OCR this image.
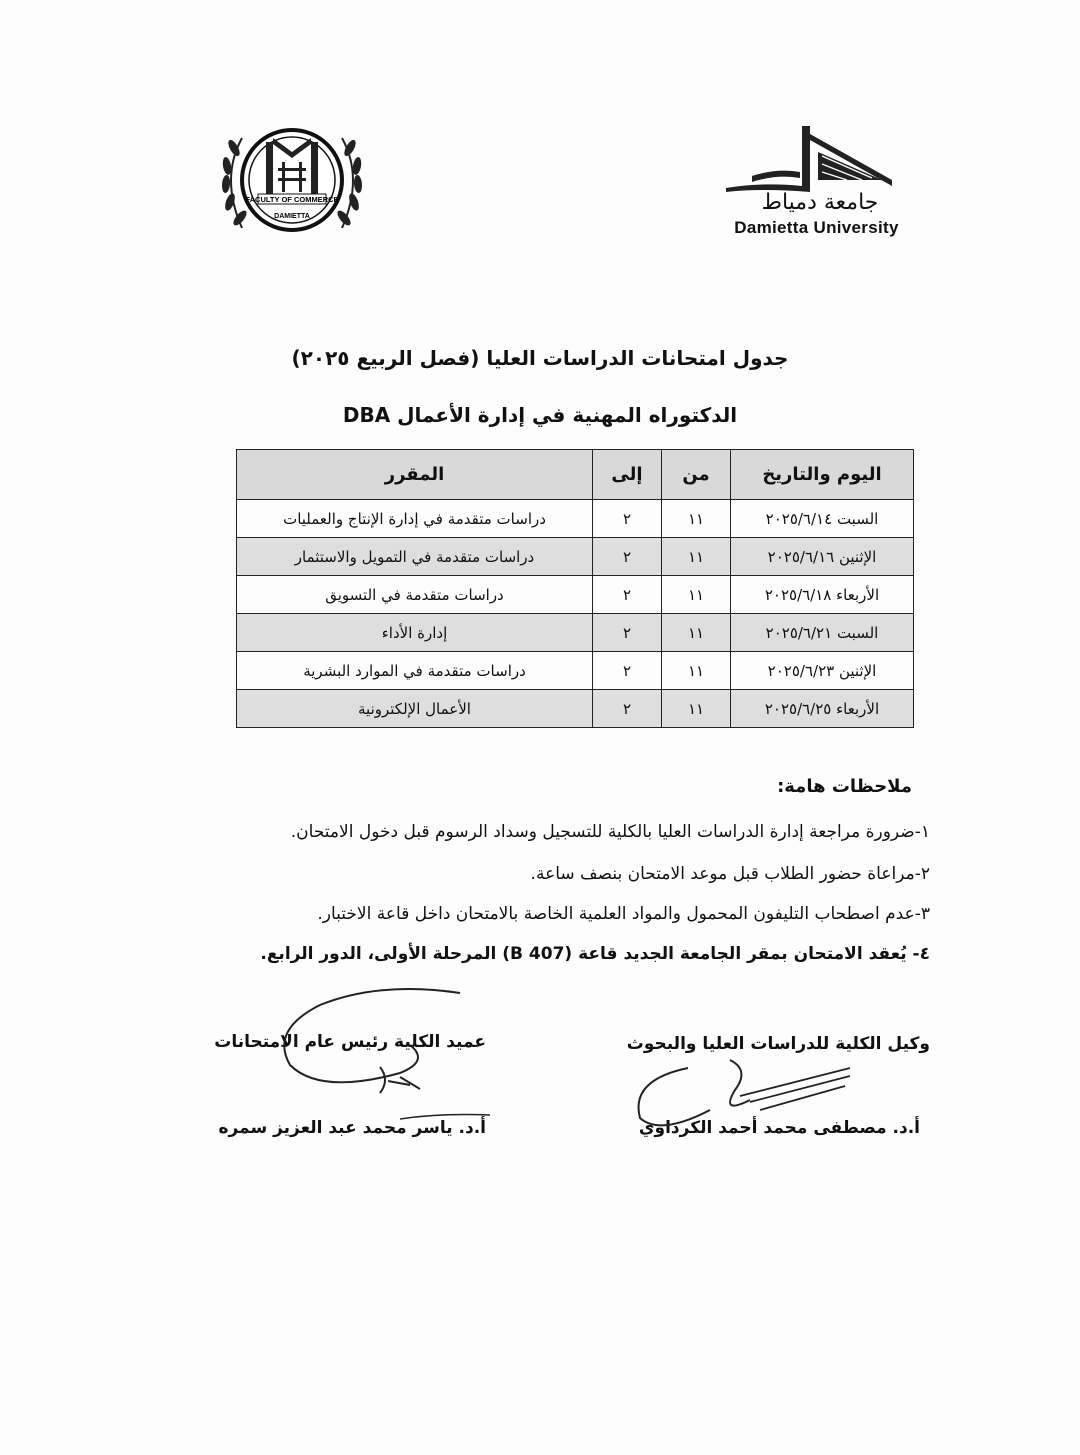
FACULTY OF COMMERCE
DAMIETTA
جامعة دمياط
Damietta University
جدول امتحانات الدراسات العليا (فصل الربيع ٢٠٢٥)
الدكتوراه المهنية في إدارة الأعمال DBA
اليوم والتاريخ	من	إلى	المقرر
السبت ٢٠٢٥/٦/١٤	١١	٢	دراسات متقدمة في إدارة الإنتاج والعمليات
الإثنين ٢٠٢٥/٦/١٦	١١	٢	دراسات متقدمة في التمويل والاستثمار
الأربعاء ٢٠٢٥/٦/١٨	١١	٢	دراسات متقدمة في التسويق
السبت ٢٠٢٥/٦/٢١	١١	٢	إدارة الأداء
الإثنين ٢٠٢٥/٦/٢٣	١١	٢	دراسات متقدمة في الموارد البشرية
الأربعاء ٢٠٢٥/٦/٢٥	١١	٢	الأعمال الإلكترونية
ملاحظات هامة:
١-ضرورة مراجعة إدارة الدراسات العليا بالكلية للتسجيل وسداد الرسوم قبل دخول الامتحان.
٢-مراعاة حضور الطلاب قبل موعد الامتحان بنصف ساعة.
٣-عدم اصطحاب التليفون المحمول والمواد العلمية الخاصة بالامتحان داخل قاعة الاختبار.
٤- يُعقد الامتحان بمقر الجامعة الجديد قاعة (407 B) المرحلة الأولى، الدور الرابع.
وكيل الكلية للدراسات العليا والبحوث
أ.د. مصطفى محمد أحمد الكرداوي
عميد الكلية رئيس عام الامتحانات
أ.د. ياسر محمد عبد العزيز سمره
